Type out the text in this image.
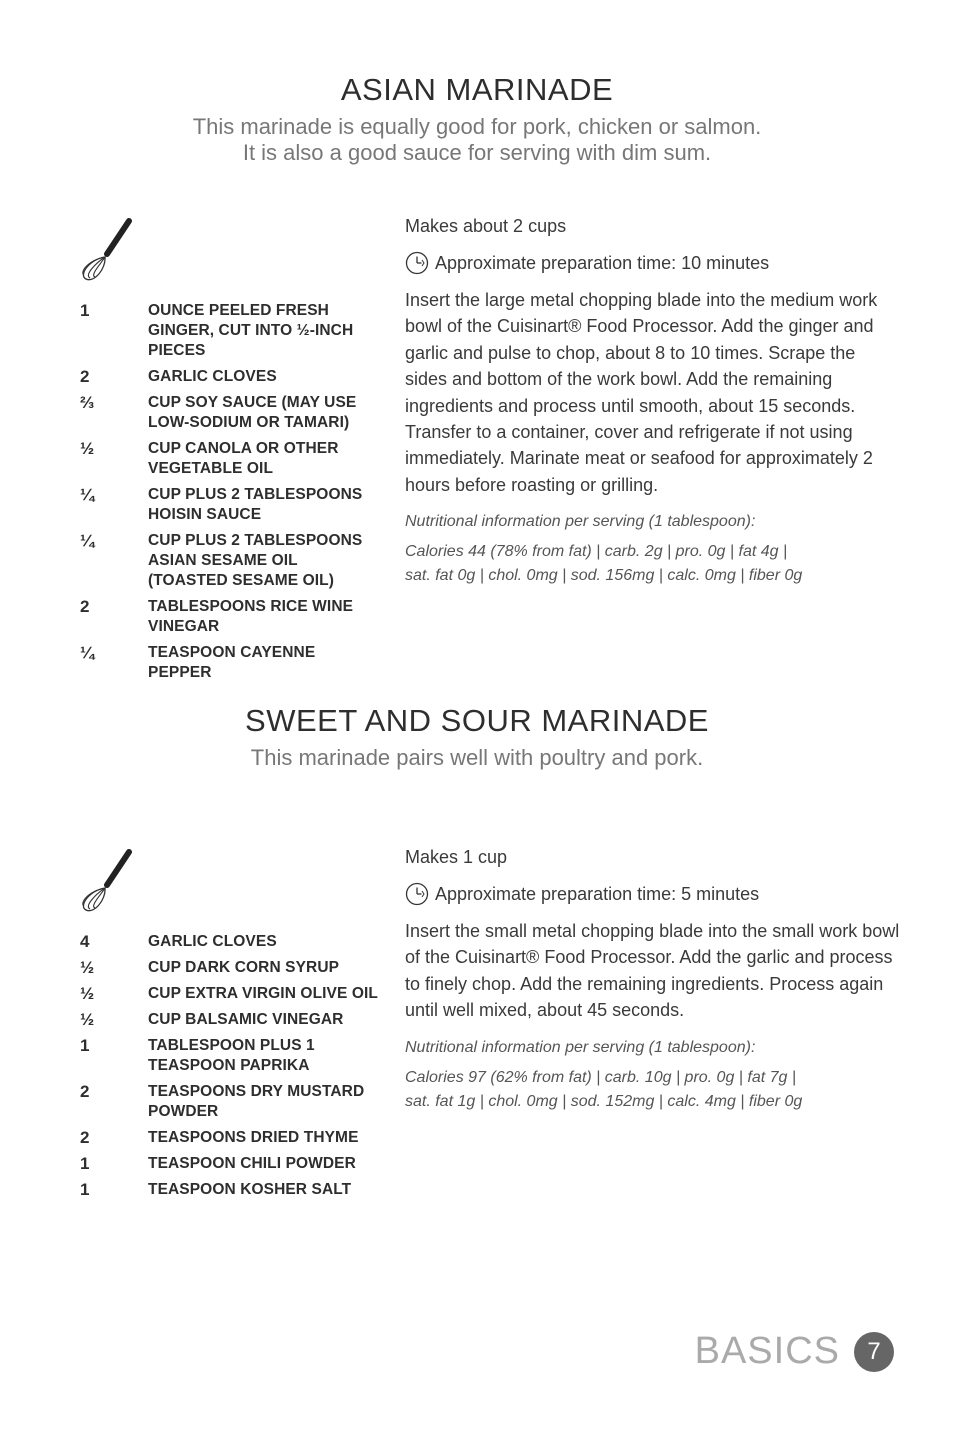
ASIAN MARINADE
This marinade is equally good for pork, chicken or salmon.
It is also a good sauce for serving with dim sum.
1	OUNCE PEELED FRESH GINGER, CUT INTO ½-INCH PIECES
2	GARLIC CLOVES
⅔	CUP SOY SAUCE (MAY USE LOW-SODIUM OR TAMARI)
½	CUP CANOLA OR OTHER VEGETABLE OIL
¼	CUP PLUS 2 TABLESPOONS HOISIN SAUCE
¼	CUP PLUS 2 TABLESPOONS ASIAN SESAME OIL (TOASTED SESAME OIL)
2	TABLESPOONS RICE WINE VINEGAR
¼	TEASPOON CAYENNE PEPPER

Makes about 2 cups

Approximate preparation time: 10 minutes

Insert the large metal chopping blade into the medium work bowl of the Cuisinart® Food Processor. Add the ginger and garlic and pulse to chop, about 8 to 10 times. Scrape the sides and bottom of the work bowl. Add the remaining ingredients and process until smooth, about 15 seconds. Transfer to a container, cover and refrigerate if not using immediately. Marinate meat or seafood for approximately 2 hours before roasting or grilling.

Nutritional information per serving (1 tablespoon):
Calories 44 (78% from fat) | carb. 2g | pro. 0g | fat 4g |
sat. fat 0g | chol. 0mg | sod. 156mg | calc. 0mg | fiber 0g
SWEET AND SOUR MARINADE
This marinade pairs well with poultry and pork.
4	GARLIC CLOVES
½	CUP DARK CORN SYRUP
½	CUP EXTRA VIRGIN OLIVE OIL
½	CUP BALSAMIC VINEGAR
1	TABLESPOON PLUS 1 TEASPOON PAPRIKA
2	TEASPOONS DRY MUSTARD POWDER
2	TEASPOONS DRIED THYME
1	TEASPOON CHILI POWDER
1	TEASPOON KOSHER SALT

Makes 1 cup

Approximate preparation time: 5 minutes

Insert the small metal chopping blade into the small work bowl of the Cuisinart® Food Processor. Add the garlic and process to finely chop. Add the remaining ingredients. Process again until well mixed, about 45 seconds.

Nutritional information per serving (1 tablespoon):
Calories 97 (62% from fat) | carb. 10g | pro. 0g | fat 7g |
sat. fat 1g | chol. 0mg | sod. 152mg | calc. 4mg | fiber 0g
BASICS	7
